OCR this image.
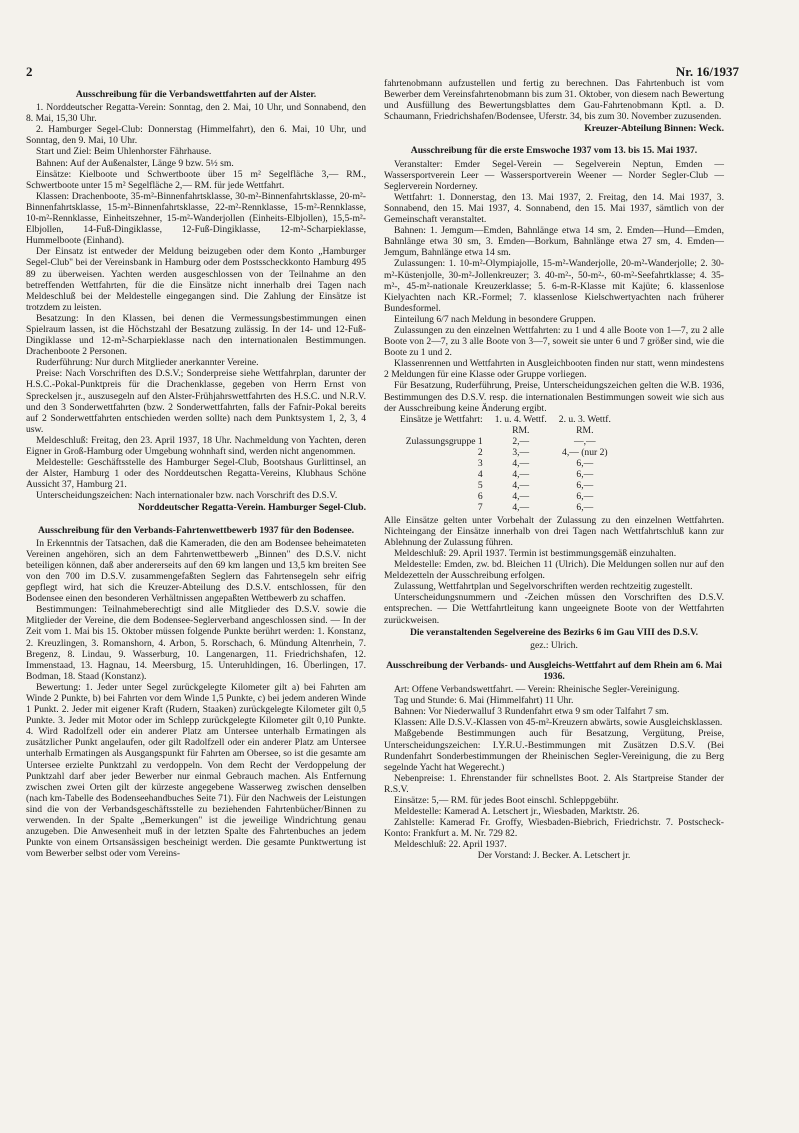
2	Nr. 16/1937
Ausschreibung für die Verbandswettfahrten auf der Alster.

1. Norddeutscher Regatta-Verein: Sonntag, den 2. Mai, 10 Uhr, und Sonnabend, den 8. Mai, 15,30 Uhr.

2. Hamburger Segel-Club: Donnerstag (Himmelfahrt), den 6. Mai, 10 Uhr, und Sonntag, den 9. Mai, 10 Uhr.

Start und Ziel: Beim Uhlenhorster Fährhause.

Bahnen: Auf der Außenalster, Länge 9 bzw. 5½ sm.

Einsätze: Kielboote und Schwertboote über 15 m² Segelfläche 3,— RM., Schwertboote unter 15 m² Segelfläche 2,— RM. für jede Wettfahrt.

Klassen: Drachenboote, 35-m²-Binnenfahrtsklasse, 30-m²-Binnenfahrtsklasse, 20-m²-Binnenfahrtsklasse, 15-m²-Binnenfahrtsklasse, 22-m²-Rennklasse, 15-m²-Rennklasse, 10-m²-Rennklasse, Einheitszehner, 15-m²-Wanderjollen (Einheits-Elbjollen), 15,5-m²-Elbjollen, 14-Fuß-Dingiklasse, 12-Fuß-Dingiklasse, 12-m²-Scharpieklasse, Hummelboote (Einhand).

Der Einsatz ist entweder der Meldung beizugeben oder dem Konto „Hamburger Segel-Club" bei der Vereinsbank in Hamburg oder dem Postsscheckkonto Hamburg 495 89 zu überweisen. Yachten werden ausgeschlossen von der Teilnahme an den betreffenden Wettfahrten, für die die Einsätze nicht innerhalb drei Tagen nach Meldeschluß bei der Meldestelle eingegangen sind. Die Zahlung der Einsätze ist trotzdem zu leisten.

Besatzung: In den Klassen, bei denen die Vermessungsbestimmungen einen Spielraum lassen, ist die Höchstzahl der Besatzung zulässig. In der 14- und 12-Fuß-Dingiklasse und 12-m²-Scharpieklasse nach den internationalen Bestimmungen. Drachenboote 2 Personen.

Ruderführung: Nur durch Mitglieder anerkannter Vereine.

Preise: Nach Vorschriften des D.S.V.; Sonderpreise siehe Wettfahrplan, darunter der H.S.C.-Pokal-Punktpreis für die Drachenklasse, gegeben von Herrn Ernst von Spreckelsen jr., auszusegeln auf den Alster-Frühjahrswettfahrten des H.S.C. und N.R.V. und den 3 Sonderwettfahrten (bzw. 2 Sonderwettfahrten, falls der Fafnir-Pokal bereits auf 2 Sonderwettfahrten entschieden werden sollte) nach dem Punktsystem 1, 2, 3, 4 usw.

Meldeschluß: Freitag, den 23. April 1937, 18 Uhr. Nachmeldung von Yachten, deren Eigner in Groß-Hamburg oder Umgebung wohnhaft sind, werden nicht angenommen.

Meldestelle: Geschäftsstelle des Hamburger Segel-Club, Bootshaus Gurlittinsel, an der Alster, Hamburg 1 oder des Norddeutschen Regatta-Vereins, Klubhaus Schöne Aussicht 37, Hamburg 21.

Unterscheidungszeichen: Nach internationaler bzw. nach Vorschrift des D.S.V.

Norddeutscher Regatta-Verein. Hamburger Segel-Club.
Ausschreibung für den Verbands-Fahrtenwettbewerb 1937 für den Bodensee.

In Erkenntnis der Tatsachen, daß die Kameraden, die den am Bodensee beheimateten Vereinen angehören, sich an dem Fahrtenwettbewerb „Binnen" des D.S.V. nicht beteiligen können, daß aber andererseits auf den 69 km langen und 13,5 km breiten See von den 700 im D.S.V. zusammengefaßten Seglern das Fahrtensegeln sehr eifrig gepflegt wird, hat sich die Kreuzer-Abteilung des D.S.V. entschlossen, für den Bodensee einen den besonderen Verhältnissen angepaßten Wettbewerb zu schaffen.

Bestimmungen: Teilnahmeberechtigt sind alle Mitglieder des D.S.V. sowie die Mitglieder der Vereine, die dem Bodensee-Seglerverband angeschlossen sind. — In der Zeit vom 1. Mai bis 15. Oktober müssen folgende Punkte berührt werden: 1. Konstanz, 2. Kreuzlingen, 3. Romanshorn, 4. Arbon, 5. Rorschach, 6. Mündung Altenrhein, 7. Bregenz, 8. Lindau, 9. Wasserburg, 10. Langenargen, 11. Friedrichshafen, 12. Immenstaad, 13. Hagnau, 14. Meersburg, 15. Unteruhldingen, 16. Überlingen, 17. Bodman, 18. Staad (Konstanz).

Bewertung: 1. Jeder unter Segel zurückgelegte Kilometer gilt a) bei Fahrten am Winde 2 Punkte, b) bei Fahrten vor dem Winde 1,5 Punkte, c) bei jedem anderen Winde 1 Punkt. 2. Jeder mit eigener Kraft (Rudern, Staaken) zurückgelegte Kilometer gilt 0,5 Punkte. 3. Jeder mit Motor oder im Schlepp zurückgelegte Kilometer gilt 0,10 Punkte. 4. Wird Radolfzell oder ein anderer Platz am Untersee unterhalb Ermatingen als zusätzlicher Punkt angelaufen, oder gilt Radolfzell oder ein anderer Platz am Untersee unterhalb Ermatingen als Ausgangspunkt für Fahrten am Obersee, so ist die gesamte am Untersee erzielte Punktzahl zu verdoppeln. Von dem Recht der Verdoppelung der Punktzahl darf aber jeder Bewerber nur einmal Gebrauch machen. Als Entfernung zwischen zwei Orten gilt der kürzeste angegebene Wasserweg zwischen denselben (nach km-Tabelle des Bodenseehandbuches Seite 71). Für den Nachweis der Leistungen sind die von der Verbandsgeschäftsstelle zu beziehenden Fahrtenbücher/Binnen zu verwenden. In der Spalte „Bemerkungen" ist die jeweilige Windrichtung genau anzugeben. Die Anwesenheit muß in der letzten Spalte des Fahrtenbuches an jedem Punkte von einem Ortsansässigen bescheinigt werden. Die gesamte Punktwertung ist vom Bewerber selbst oder vom Vereins-

fahrtenobmann aufzustellen und fertig zu berechnen. Das Fahrtenbuch ist vom Bewerber dem Vereinsfahrtenobmann bis zum 31. Oktober, von diesem nach Bewertung und Ausfüllung des Bewertungsblattes dem Gau-Fahrtenobmann Kptl. a. D. Schaumann, Friedrichshafen/Bodensee, Uferstr. 34, bis zum 30. November zuzusenden.

Kreuzer-Abteilung Binnen: Weck.
Ausschreibung für die erste Emswoche 1937 vom 13. bis 15. Mai 1937.

Veranstalter: Emder Segel-Verein — Segelverein Neptun, Emden — Wassersportverein Leer — Wassersportverein Weener — Norder Segler-Club — Seglerverein Norderney.

Wettfahrt: 1. Donnerstag, den 13. Mai 1937, 2. Freitag, den 14. Mai 1937, 3. Sonnabend, den 15. Mai 1937, 4. Sonnabend, den 15. Mai 1937, sämtlich von der Gemeinschaft veranstaltet.

Bahnen: 1. Jemgum—Emden, Bahnlänge etwa 14 sm, 2. Emden—Hund—Emden, Bahnlänge etwa 30 sm, 3. Emden—Borkum, Bahnlänge etwa 27 sm, 4. Emden—Jemgum, Bahnlänge etwa 14 sm.

Zulassungen: 1. 10-m²-Olympiajolle, 15-m²-Wanderjolle, 20-m²-Wanderjolle; 2. 30-m²-Küstenjolle, 30-m²-Jollenkreuzer; 3. 40-m²-, 50-m²-, 60-m²-Seefahrtklasse; 4. 35-m²-, 45-m²-nationale Kreuzerklasse; 5. 6-m-R-Klasse mit Kajüte; 6. klassenlose Kielyachten nach KR.-Formel; 7. klassenlose Kielschwertyachten nach früherer Bundesformel.

Einteilung 6/7 nach Meldung in besondere Gruppen.

Zulassungen zu den einzelnen Wettfahrten: zu 1 und 4 alle Boote von 1—7, zu 2 alle Boote von 2—7, zu 3 alle Boote von 3—7, soweit sie unter 6 und 7 größer sind, wie die Boote zu 1 und 2.

Klassenrennen und Wettfahrten in Ausgleichbooten finden nur statt, wenn mindestens 2 Meldungen für eine Klasse oder Gruppe vorliegen.

Für Besatzung, Ruderführung, Preise, Unterscheidungszeichen gelten die W.B. 1936, Bestimmungen des D.S.V. resp. die internationalen Bestimmungen soweit wie sich aus der Ausschreibung keine Änderung ergibt.

Einsätze je Wettfahrt:	1. u. 4. Wettf.	2. u. 3. Wettf.
	RM.	RM.
Zulassungsgruppe 1	2,—	—,—
2	3,—	4,— (nur 2)
3	4,—	6,—
4	4,—	6,—
5	4,—	6,—
6	4,—	6,—
7	4,—	6,—

Alle Einsätze gelten unter Vorbehalt der Zulassung zu den einzelnen Wettfahrten. Nichteingang der Einsätze innerhalb von drei Tagen nach Wettfahrtschluß kann zur Ablehnung der Zulassung führen.

Meldeschluß: 29. April 1937. Termin ist bestimmungsgemäß einzuhalten.

Meldestelle: Emden, zw. bd. Bleichen 11 (Ulrich). Die Meldungen sollen nur auf den Meldezetteln der Ausschreibung erfolgen.

Zulassung, Wettfahrtplan und Segelvorschriften werden rechtzeitig zugestellt.

Unterscheidungsnummern und -Zeichen müssen den Vorschriften des D.S.V. entsprechen. — Die Wettfahrtleitung kann ungeeignete Boote von der Wettfahrten zurückweisen.

Die veranstaltenden Segelvereine des Bezirks 6 im Gau VIII des D.S.V.
gez.: Ulrich.
Ausschreibung der Verbands- und Ausgleichs-Wettfahrt auf dem Rhein am 6. Mai 1936.

Art: Offene Verbandswettfahrt. — Verein: Rheinische Segler-Vereinigung.

Tag und Stunde: 6. Mai (Himmelfahrt) 11 Uhr.

Bahnen: Vor Niederwalluf 3 Rundenfahrt etwa 9 sm oder Talfahrt 7 sm.

Klassen: Alle D.S.V.-Klassen von 45-m²-Kreuzern abwärts, sowie Ausgleichsklassen.

Maßgebende Bestimmungen auch für Besatzung, Vergütung, Preise, Unterscheidungszeichen: I.Y.R.U.-Bestimmungen mit Zusätzen D.S.V. (Bei Rundenfahrt Sonderbestimmungen der Rheinischen Segler-Vereinigung, die zu Berg segelnde Yacht hat Wegerecht.)

Nebenpreise: 1. Ehrenstander für schnellstes Boot. 2. Als Startpreise Stander der R.S.V.

Einsätze: 5,— RM. für jedes Boot einschl. Schleppgebühr.

Meldestelle: Kamerad A. Letschert jr., Wiesbaden, Marktstr. 26.

Zahlstelle: Kamerad Fr. Groffy, Wiesbaden-Biebrich, Friedrichstr. 7. Postscheck-Konto: Frankfurt a. M. Nr. 729 82.

Meldeschluß: 22. April 1937.

Der Vorstand: J. Becker. A. Letschert jr.
